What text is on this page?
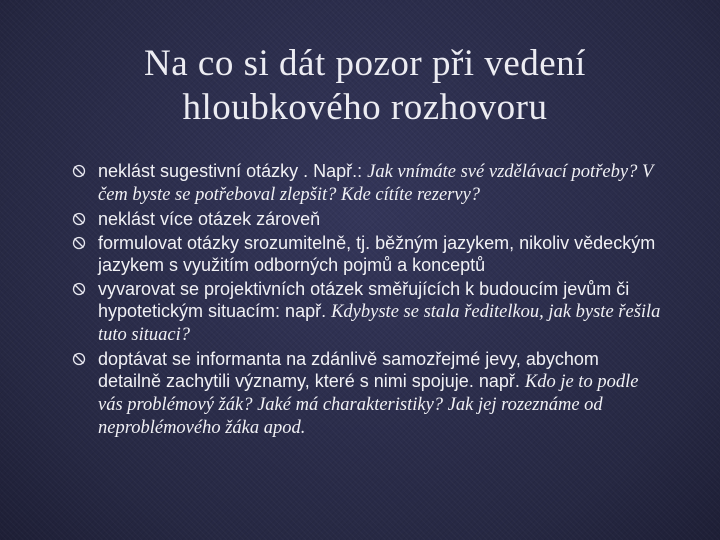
Na co si dát pozor při vedení
hloubkového rozhovoru
neklást sugestivní otázky . Např.: Jak vnímáte své vzdělávací potřeby? V čem byste se potřeboval zlepšit? Kde cítíte rezervy?
neklást více otázek zároveň
formulovat otázky srozumitelně, tj. běžným jazykem, nikoliv vědeckým jazykem s využitím odborných pojmů a konceptů
vyvarovat se projektivních otázek směřujících k budoucím jevům či hypotetickým situacím: např. Kdybyste se stala ředitelkou, jak byste řešila tuto situaci?
doptávat se informanta na zdánlivě samozřejmé jevy, abychom detailně zachytili významy, které s nimi spojuje. např. Kdo je to podle vás problémový žák? Jaké má charakteristiky? Jak jej rozeznáme od neproblémového žáka apod.
